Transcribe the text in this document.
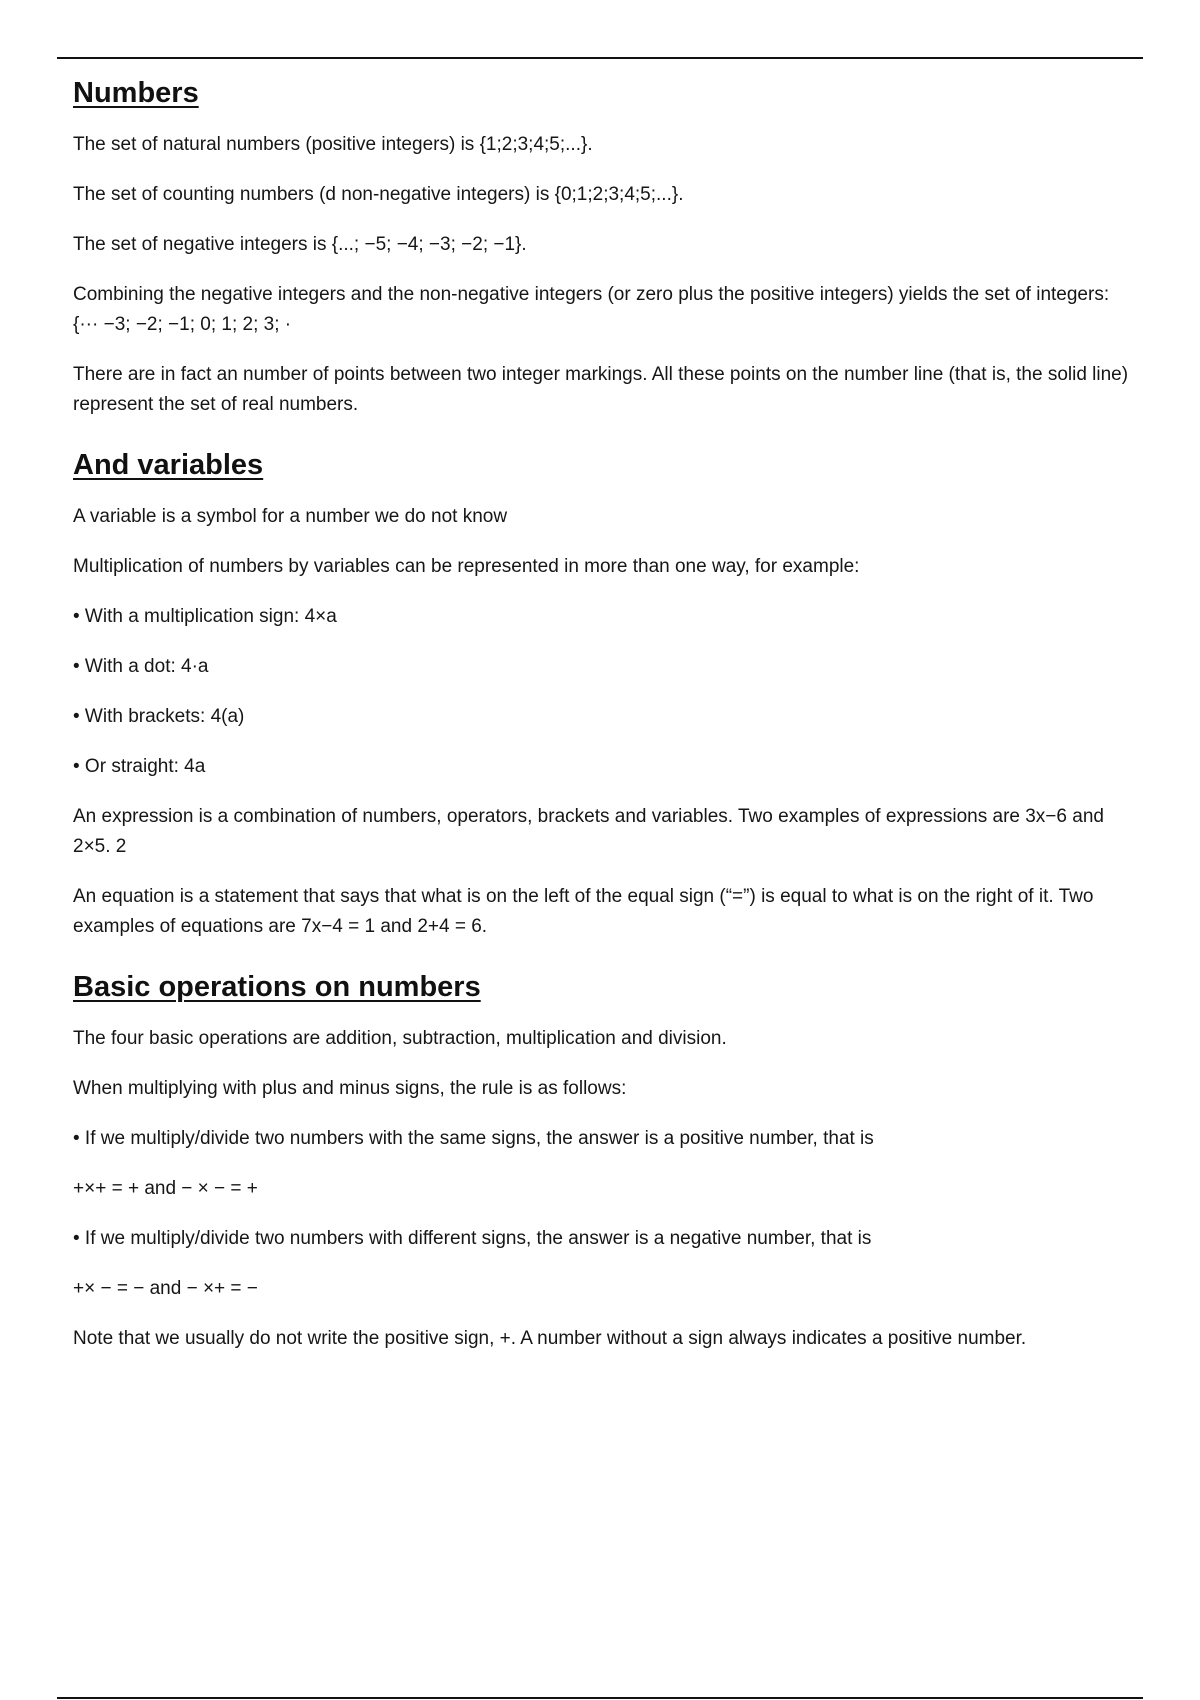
Numbers

The set of natural numbers (positive integers) is {1;2;3;4;5;...}.

The set of counting numbers (d non-negative integers) is {0;1;2;3;4;5;...}.

The set of negative integers is {...; −5; −4; −3; −2; −1}.

Combining the negative integers and the non-negative integers (or zero plus the positive integers) yields the set of integers: {··· −3; −2; −1; 0; 1; 2; 3; ·

There are in fact an number of points between two integer markings. All these points on the number line (that is, the solid line) represent the set of real numbers.

And variables

A variable is a symbol for a number we do not know

Multiplication of numbers by variables can be represented in more than one way, for example:

• With a multiplication sign: 4×a

• With a dot: 4·a

• With brackets: 4(a)

• Or straight: 4a

An expression is a combination of numbers, operators, brackets and variables. Two examples of expressions are 3x−6 and 2×5. 2

An equation is a statement that says that what is on the left of the equal sign (“=”) is equal to what is on the right of it. Two examples of equations are 7x−4 = 1 and 2+4 = 6.

Basic operations on numbers

The four basic operations are addition, subtraction, multiplication and division.

When multiplying with plus and minus signs, the rule is as follows:

• If we multiply/divide two numbers with the same signs, the answer is a positive number, that is

+×+ = + and − × − = +

• If we multiply/divide two numbers with different signs, the answer is a negative number, that is

+× − = − and − ×+ = −

Note that we usually do not write the positive sign, +. A number without a sign always indicates a positive number.
